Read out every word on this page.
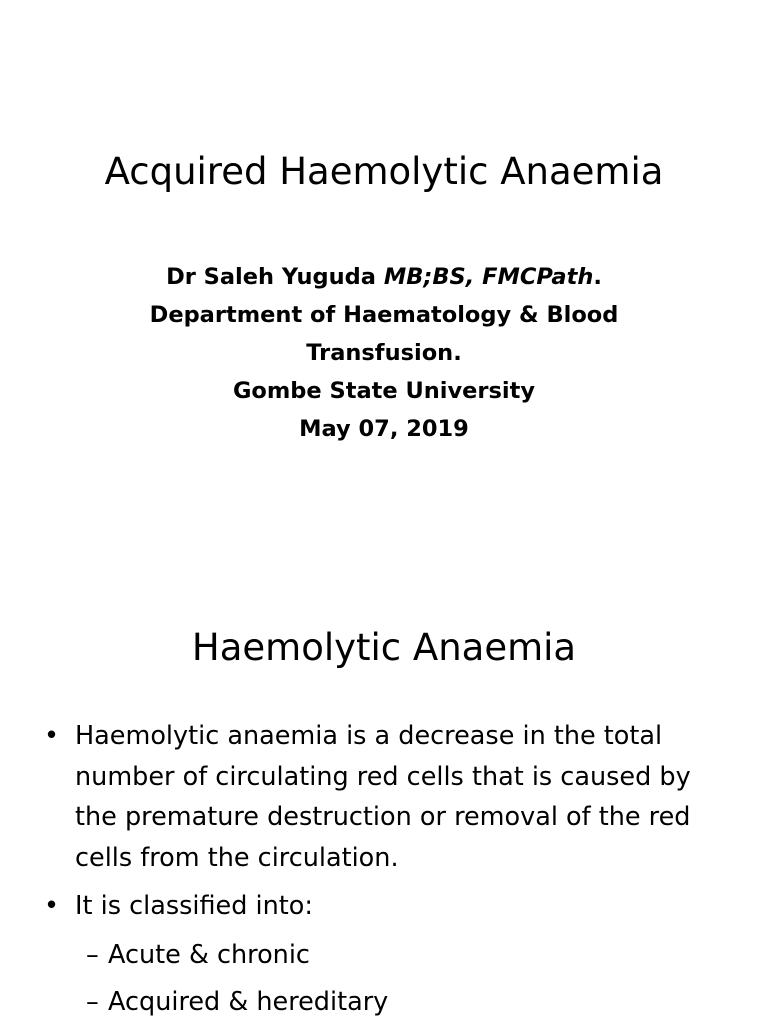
Acquired Haemolytic Anaemia
Dr Saleh Yuguda MB;BS, FMCPath.
Department of Haematology & Blood
Transfusion.
Gombe State University
May 07, 2019
Haemolytic Anaemia
• Haemolytic anaemia is a decrease in the total number of circulating red cells that is caused by the premature destruction or removal of the red cells from the circulation.
• It is classified into:
– Acute & chronic
– Acquired & hereditary
